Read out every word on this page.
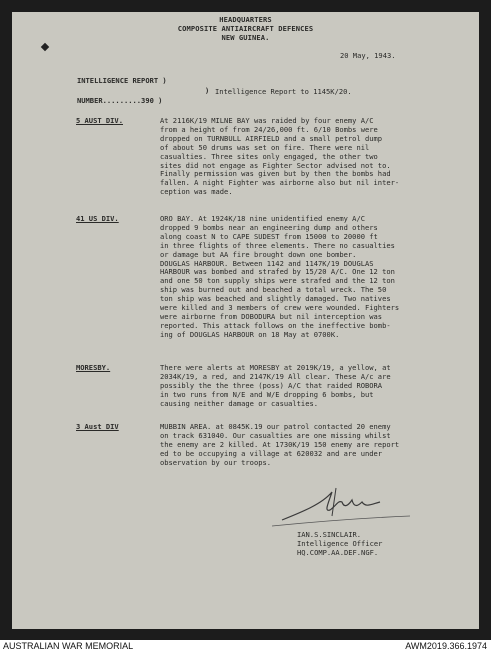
HEADQUARTERS
COMPOSITE ANTIAIRCRAFT DEFENCES
NEW GUINEA.
20 May, 1943.
INTELLIGENCE REPORT )
NUMBER.........390 )
) Intelligence Report to 1145K/20.
5 AUST DIV.	At 2116K/19 MILNE BAY was raided by four enemy A/C
from a height of from 24/26,000 ft. 6/10 Bombs were
dropped on TURNBULL AIRFIELD and a small petrol dump
of about 50 drums was set on fire. There were nil
casualties. Three sites only engaged, the other two
sites did not engage as Fighter Sector advised not to.
Finally permission was given but by then the bombs had
fallen. A night Fighter was airborne also but nil inter-
ception was made.
41 US DIV.	ORO BAY. At 1924K/18 nine unidentified enemy A/C
dropped 9 bombs near an engineering dump and others
along coast N to CAPE SUDEST from 15000 to 20000 ft
in three flights of three elements. There no casualties
or damage but AA fire brought down one bomber.
DOUGLAS HARBOUR. Between 1142 and 1147K/19 DOUGLAS
HARBOUR was bombed and strafed by 15/20 A/C. One 12 ton
and one 50 ton supply ships were strafed and the 12 ton
ship was burned out and beached a total wreck. The 50
ton ship was beached and slightly damaged. Two natives
were killed and 3 members of crew were wounded. Fighters
were airborne from DOBODURA but nil interception was
reported. This attack follows on the ineffective bomb-
ing of DOUGLAS HARBOUR on 18 May at 0700K.
MORESBY.	There were alerts at MORESBY at 2019K/19, a yellow, at
2034K/19, a red, and 2147K/19 All clear. These A/c are
possibly the the three (poss) A/C that raided ROBORA
in two runs from N/E and W/E dropping 6 bombs, but
causing neither damage or casualties.
3 Aust DIV	MUBBIN AREA. at 0845K.19 our patrol contacted 20 enemy
on track 631040. Our casualties are one missing whilst
the enemy are 2 killed. At 1730K/19 150 enemy are report
ed to be occupying a village at 620032 and are under
observation by our troops.
IAN.S.SINCLAIR.
Intelligence Officer
HQ.COMP.AA.DEF.NGF.
AUSTRALIAN WAR MEMORIAL	AWM2019.366.1974
